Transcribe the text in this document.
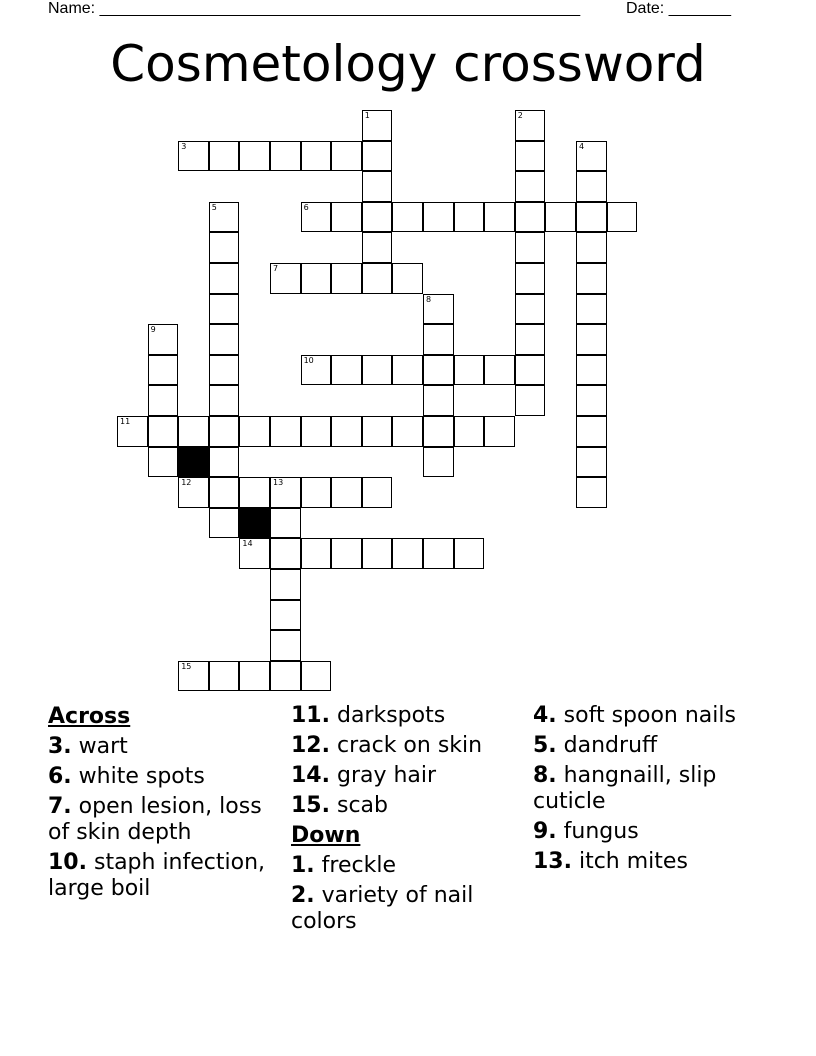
Name: ______________________________________________________	Date: _______
Cosmetology crossword
1	2
3	4
5	6
7
8
9
10
11
12	13
14
15
Across
3. wart
6. white spots
7. open lesion, loss of skin depth
10. staph infection, large boil
11. darkspots
12. crack on skin
14. gray hair
15. scab
Down
1. freckle
2. variety of nail colors
4. soft spoon nails
5. dandruff
8. hangnaill, slip cuticle
9. fungus
13. itch mites
